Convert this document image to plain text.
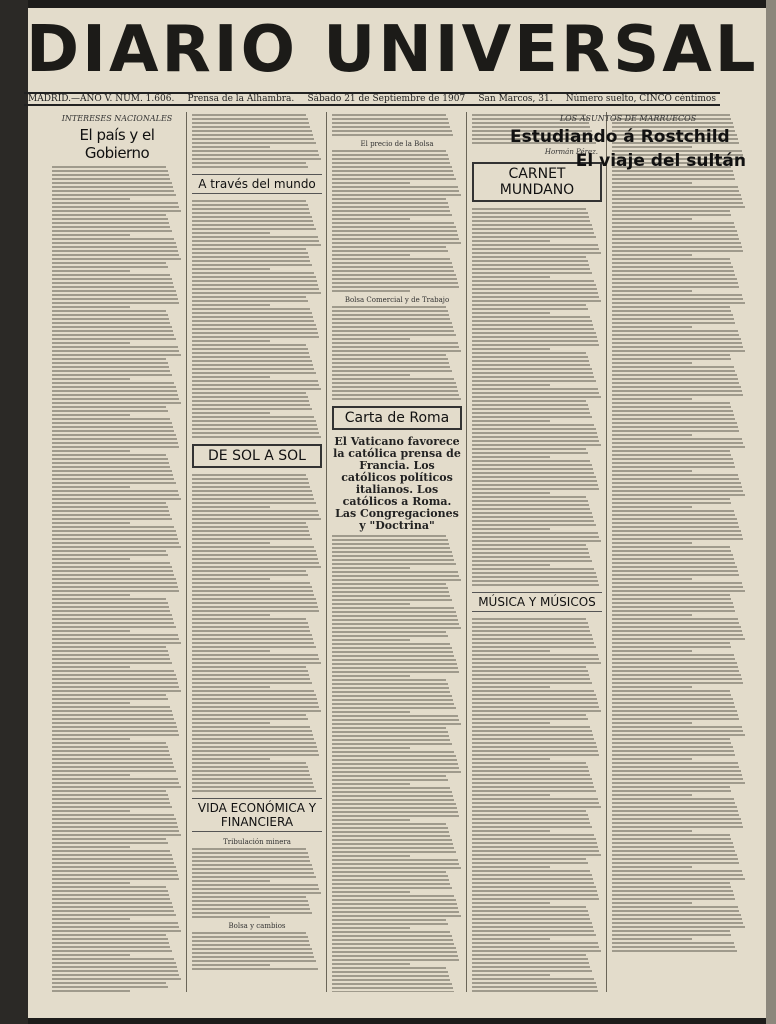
DIARIO UNIVERSAL
MADRID.—AÑO V. NÚM. 1.606. Prensa de la Alhambra. Sábado 21 de Septiembre de 1907 San Marcos, 31. Número suelto, CINCO céntimos
INTERESES NACIONALES
El país y el Gobierno
A través del mundo
DE SOL A SOL
VIDA ECONÓMICA Y FINANCIERA
Tribulación minera
Bolsa y cambios
El precio de la Bolsa
Bolsa Comercial y de Trabajo
Carta de Roma
El Vaticano favorece la católica prensa de Francia. Los católicos políticos italianos. Los católicos a Roma. Las Congregaciones y "Doctrina"
Hormán Pérez.
CARNET MUNDANO
MÚSICA Y MÚSICOS
LOS ASUNTOS DE MARRUECOS
Estudiando á Rostchild
El viaje del sultán
